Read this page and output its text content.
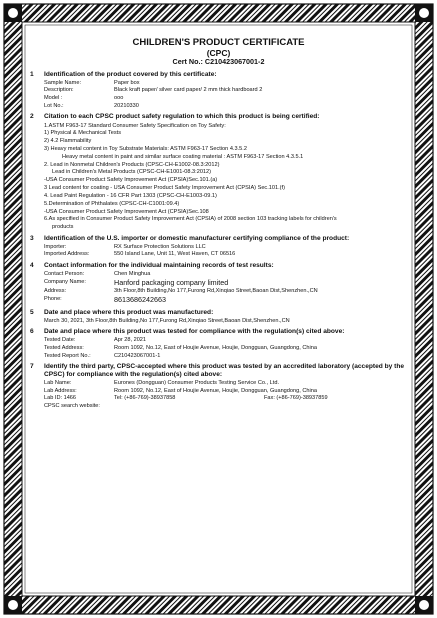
CHILDREN'S PRODUCT CERTIFICATE
(CPC)
Cert No.: C210423067001-2
1	Identification of the product covered by this certificate:
Sample Name:	Paper box
Description:	Black kraft paper/ silver card paper/ 2 mm thick hardboard 2
Model :	ooo
Lot No.:	20210330
2	Citation to each CPSC product safety regulation to which this product is being certified:
1.ASTM F963-17 Standard Consumer Safety Specification on Toy Safety:
1) Physical & Mechanical Tests
2) 4.2 Flammability
3) Heavy metal content in Toy Substrate Materials: ASTM F963-17 Section 4.3.5.2
Heavy metal content in paint and similar surface coating material : ASTM F963-17 Section 4.3.5.1
2. Lead in Nonmetal Children's Products (CPSC-CH-E1002-08.3:2012)
Lead in Children's Metal Products (CPSC-CH-E1001-08.3:2012)
-USA Consumer Product Safety Improvement Act (CPSIA)Sec.101.(a)
3 Lead content for coating - USA Consumer Product Safety Improvement Act (CPSIA) Sec.101.(f)
4. Lead Paint Regulation - 16 CFR Part 1303 (CPSC-CH-E1003-09.1)
5.Determination of Phthalates (CPSC-CH-C1001:09.4)
-USA Consumer Product Safety Improvement Act (CPSIA)Sec.108
6.As specified in Consumer Product Safety Improvement Act (CPSIA) of 2008 section 103 tracking labels for children's
products
3	Identification of the U.S. importer or domestic manufacturer certifying compliance of the product:
Importer:	RX Surface Protection Solutions LLC
Imported Address:	550 Island Lane, Unit 11, West Haven, CT 06516
4	Contact information for the individual maintaining records of test results:
Contact Person:	Chen Minghua
Company Name:	Hanford packaging company limited
Address:	3th Floor,8th Building,No 177,Furong Rd,Xinqiao Street,Baoan Dist,Shenzhen.,CN
Phone:	8613686242663
5	Date and place where this product was manufactured:
March 30, 2021, 3th Floor,8th Building,No 177,Furong Rd,Xinqiao Street,Baoan Dist,Shenzhen.,CN
6	Date and place where this product was tested for compliance with the regulation(s) cited above:
Tested Date:	Apr 28, 2021
Tested Address:	Room 1092, No.12, East of Houjie Avenue, Houjie, Dongguan, Guangdong, China
Tested Report No.:	C210423067001-1
7	Identify the third party, CPSC-accepted where this product was tested by an accredited laboratory (accepted by the CPSC) for compliance with the regulation(s) cited above:
Lab Name:	Eurones (Dongguan) Consumer Products Testing Service Co., Ltd.
Lab Address:	Room 1092, No.12, East of Houjie Avenue, Houjie, Dongguan, Guangdong, China
Lab ID: 1466	Tel: (+86-769)-38937858	Fax: (+86-769)-38937859
CPSC search website:
